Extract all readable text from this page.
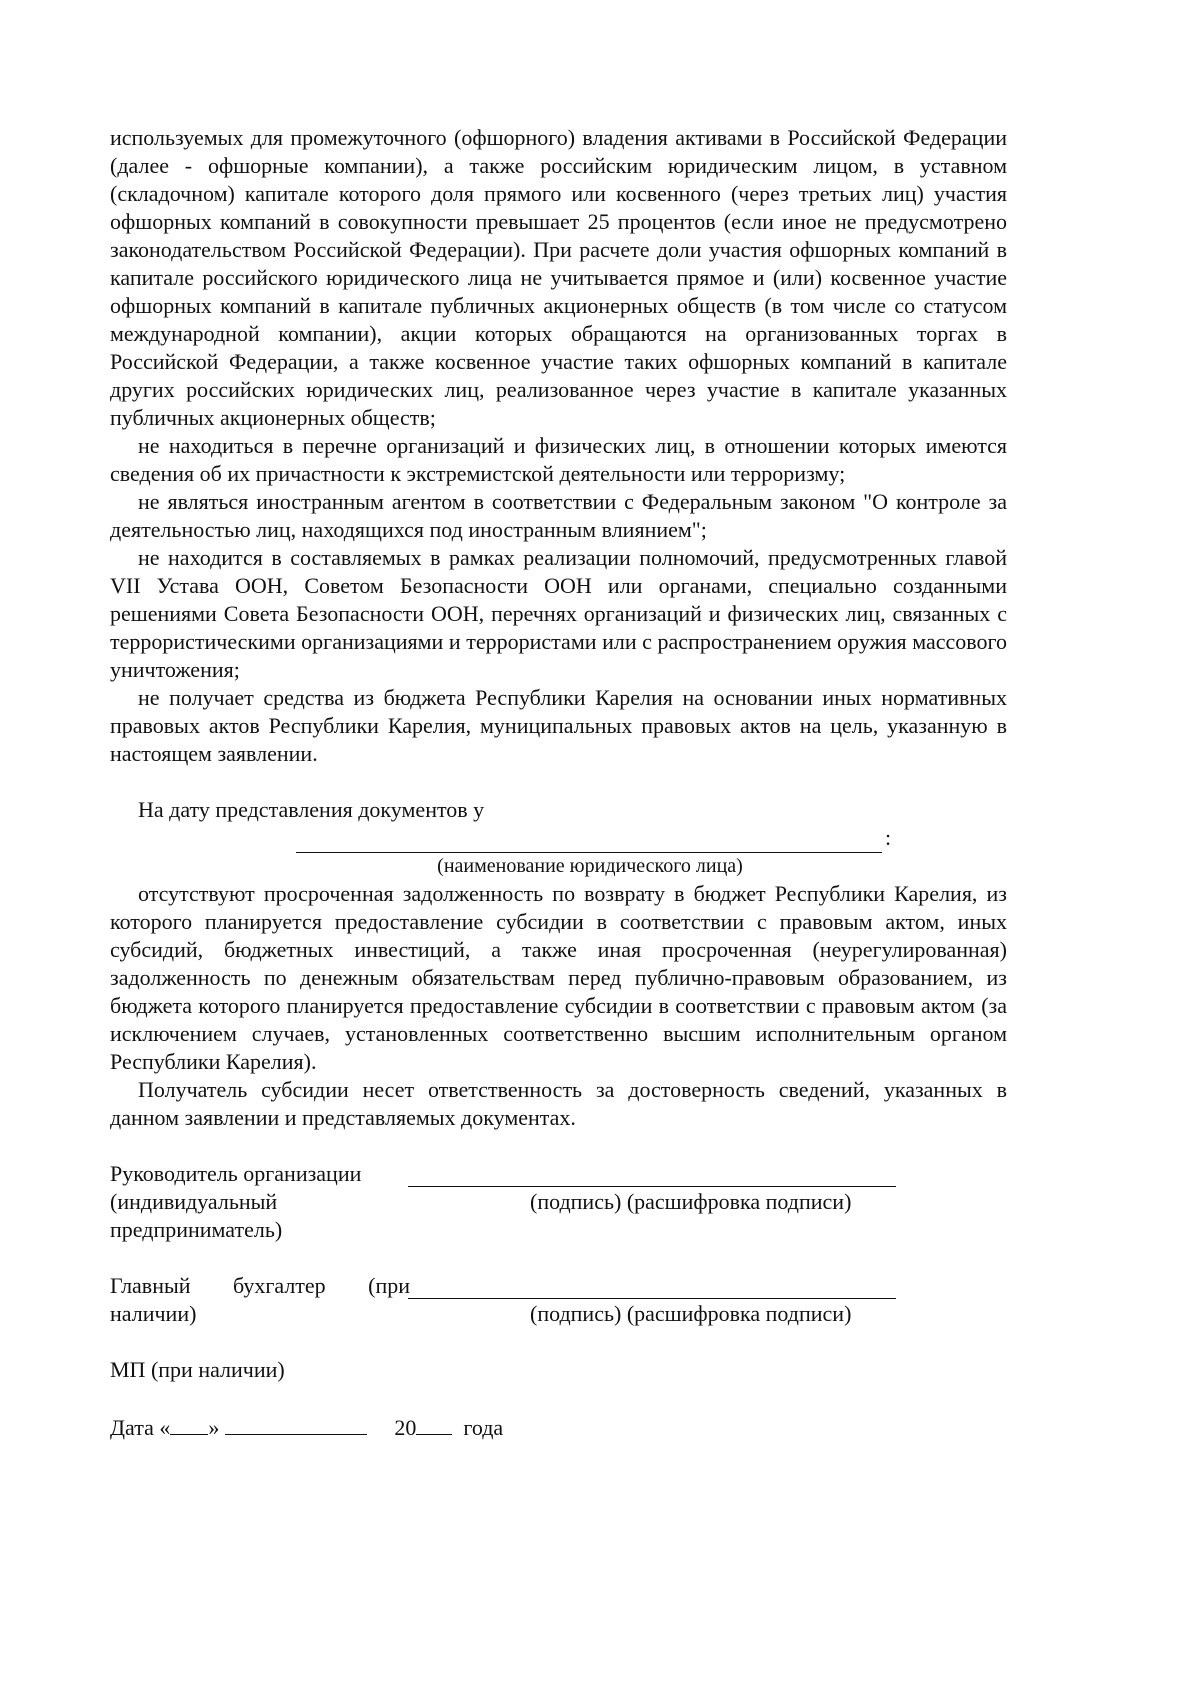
используемых для промежуточного (офшорного) владения активами в Российской Федерации (далее - офшорные компании), а также российским юридическим лицом, в уставном (складочном) капитале которого доля прямого или косвенного (через третьих лиц) участия офшорных компаний в совокупности превышает 25 процентов (если иное не предусмотрено законодательством Российской Федерации). При расчете доли участия офшорных компаний в капитале российского юридического лица не учитывается прямое и (или) косвенное участие офшорных компаний в капитале публичных акционерных обществ (в том числе со статусом международной компании), акции которых обращаются на организованных торгах в Российской Федерации, а также косвенное участие таких офшорных компаний в капитале других российских юридических лиц, реализованное через участие в капитале указанных публичных акционерных обществ;

не находиться в перечне организаций и физических лиц, в отношении которых имеются сведения об их причастности к экстремистской деятельности или терроризму;

не являться иностранным агентом в соответствии с Федеральным законом "О контроле за деятельностью лиц, находящихся под иностранным влиянием";

не находится в составляемых в рамках реализации полномочий, предусмотренных главой VII Устава ООН, Советом Безопасности ООН или органами, специально созданными решениями Совета Безопасности ООН, перечнях организаций и физических лиц, связанных с террористическими организациями и террористами или с распространением оружия массового уничтожения;

не получает средства из бюджета Республики Карелия на основании иных нормативных правовых актов Республики Карелия, муниципальных правовых актов на цель, указанную в настоящем заявлении.

На дату представления документов у

:
(наименование юридического лица)

отсутствуют просроченная задолженность по возврату в бюджет Республики Карелия, из которого планируется предоставление субсидии в соответствии с правовым актом, иных субсидий, бюджетных инвестиций, а также иная просроченная (неурегулированная) задолженность по денежным обязательствам перед публично-правовым образованием, из бюджета которого планируется предоставление субсидии в соответствии с правовым актом (за исключением случаев, установленных соответственно высшим исполнительным органом Республики Карелия).

Получатель субсидии несет ответственность за достоверность сведений, указанных в данном заявлении и представляемых документах.

Руководитель организации
(индивидуальный
предприниматель)
(подпись) (расшифровка подписи)
Главный бухгалтер (при
наличии)	(подпись) (расшифровка подписи)
МП (при наличии)
Дата « »	20 года
